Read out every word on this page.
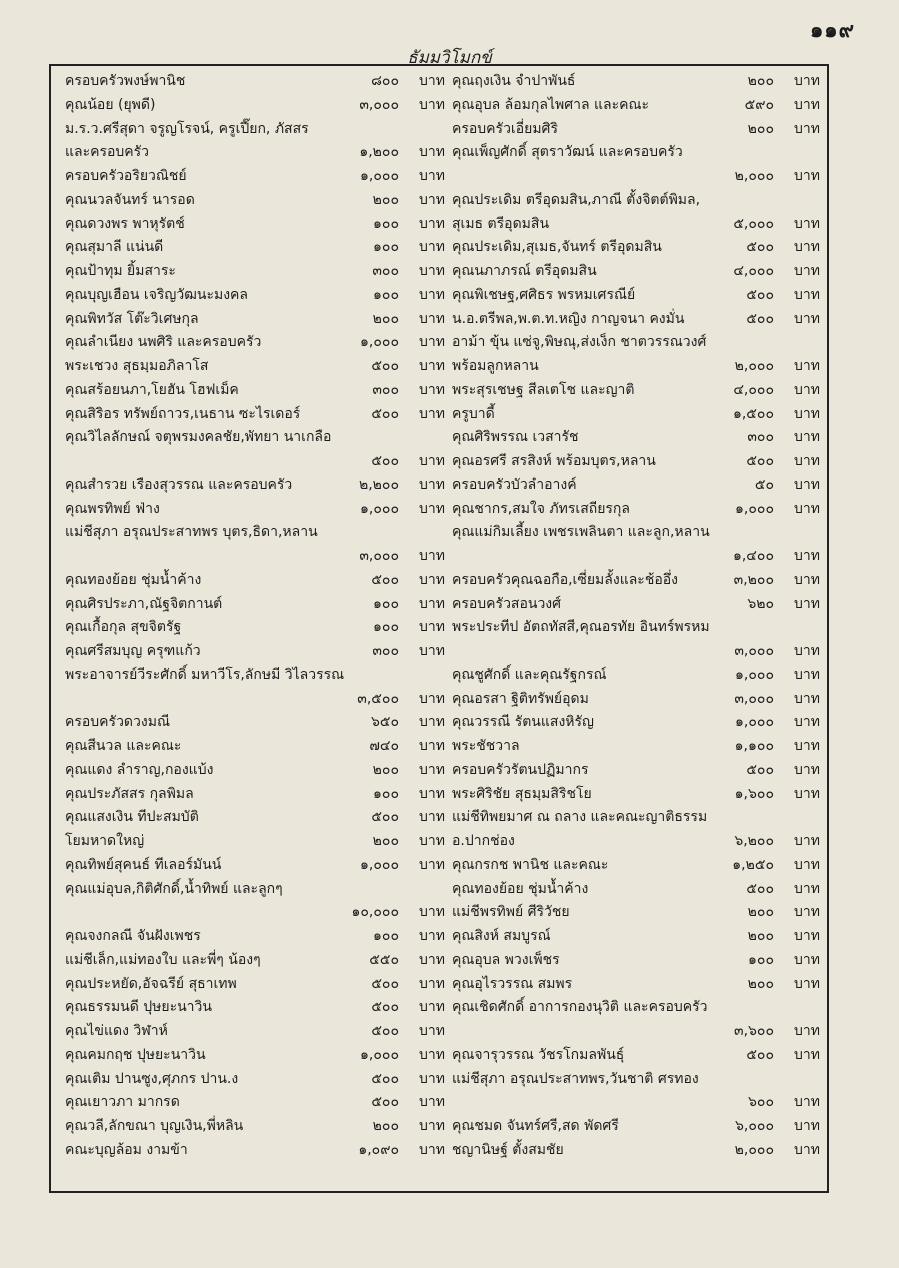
๑๑๙
ธัมมวิโมกข์
ครอบครัวพงษ์พานิช	๘๐๐ บาท
คุณน้อย (ยุพดี)	๓,๐๐๐ บาท
ม.ร.ว.ศรีสุดา จรูญโรจน์, ครูเปี๊ยก, ภัสสร
และครอบครัว	๑,๒๐๐ บาท
ครอบครัวอริยวณิชย์	๑,๐๐๐ บาท
คุณนวลจันทร์ นารอด	๒๐๐ บาท
คุณดวงพร พาหุรัตช์	๑๐๐ บาท
คุณสุมาลี แน่นดี	๑๐๐ บาท
คุณป้าทุม ยิ้มสาระ	๓๐๐ บาท
คุณบุญเฮือน เจริญวัฒนะมงคล	๑๐๐ บาท
คุณพิทวัส โต๊ะวิเศษกุล	๒๐๐ บาท
คุณลำเนียง นพศิริ และครอบครัว	๑,๐๐๐ บาท
พระเชวง สุธมฺมอภิลาโส	๕๐๐ บาท
คุณสร้อยนภา,โยฮัน โฮฟเม็ค	๓๐๐ บาท
คุณสิริอร ทรัพย์ถาวร,เนธาน ซะไรเดอร์	๕๐๐ บาท
คุณวิไลลักษณ์ จตุพรมงคลชัย,พัทยา นาเกลือ
๕๐๐ บาท
คุณสำรวย เรืองสุวรรณ และครอบครัว	๒,๒๐๐ บาท
คุณพรทิพย์ ฟ่าง	๑,๐๐๐ บาท
แม่ชีสุภา อรุณประสาทพร บุตร,ธิดา,หลาน
๓,๐๐๐ บาท
คุณทองย้อย ชุ่มน้ำค้าง	๕๐๐ บาท
คุณศิรประภา,ณัฐจิตกานต์	๑๐๐ บาท
คุณเกื้อกุล สุขจิตรัฐ	๑๐๐ บาท
คุณศรีสมบุญ ครุฑแก้ว	๓๐๐ บาท
พระอาจารย์วีระศักดิ์ มหาวีโร,ลักษมี วิไลวรรณ
๓,๕๐๐ บาท
ครอบครัวดวงมณี	๖๕๐ บาท
คุณสีนวล และคณะ	๗๔๐ บาท
คุณแดง ลำราญ,กองแบ้ง	๒๐๐ บาท
คุณประภัสสร กุลพิมล	๑๐๐ บาท
คุณแสงเงิน ทีปะสมบัติ	๕๐๐ บาท
โยมหาดใหญ่	๒๐๐ บาท
คุณทิพย์สุคนธ์ ทีเลอร์มันน์	๑,๐๐๐ บาท
คุณแม่อุบล,กิติศักดิ์,น้ำทิพย์ และลูกๆ
๑๐,๐๐๐ บาท
คุณจงกลณี จันฝังเพชร	๑๐๐ บาท
แม่ชีเล็ก,แม่ทองใบ และพี่ๆ น้องๆ	๕๕๐ บาท
คุณประหยัด,อัจฉรีย์ สุธาเทพ	๕๐๐ บาท
คุณธรรมนดี ปุษยะนาวิน	๕๐๐ บาท
คุณไข่แดง วิฬาห์	๕๐๐ บาท
คุณคมกฤช ปุษยะนาวิน	๑,๐๐๐ บาท
คุณเติม ปานซูง,ศุภกร ปาน.ง	๕๐๐ บาท
คุณเยาวภา มากรด	๕๐๐ บาท
คุณวลี,ลักขณา บุญเงิน,พี่หลิน	๒๐๐ บาท
คณะบุญล้อม งามข้า	๑,๐๙๐ บาท
คุณฤงเงิน จำปาพันธ์	๒๐๐ บาท
คุณอุบล ล้อมกุลไพศาล และคณะ	๕๙๐ บาท
ครอบครัวเอี่ยมศิริ	๒๐๐ บาท
คุณเพ็ญศักดิ์ สุตราวัฒน์ และครอบครัว
๒,๐๐๐ บาท
คุณประเดิม ตรีอุดมสิน,ภาณี ตั้งจิตต์พิมล,
สุเมธ ตรีอุดมสิน	๕,๐๐๐ บาท
คุณประเดิม,สุเมธ,จันทร์ ตรีอุดมสิน	๕๐๐ บาท
คุณนภาภรณ์ ตรีอุดมสิน	๔,๐๐๐ บาท
คุณพิเชษฐ,ศศิธร พรหมเศรณีย์	๕๐๐ บาท
น.อ.ตรีพล,พ.ต.ท.หญิง กาญจนา คงมั่น	๕๐๐ บาท
อาม้า ขุ้น แซ่จู,พิษณุ,ส่งเง็ก ชาตวรรณวงศ์
พร้อมลูกหลาน	๒,๐๐๐ บาท
พระสุรเชษฐ สีลเตโช และญาติ	๔,๐๐๐ บาท
ครูบาดี้	๑,๕๐๐ บาท
คุณศิริพรรณ เวสารัช	๓๐๐ บาท
คุณอรศรี สรสิงห์ พร้อมบุตร,หลาน	๕๐๐ บาท
ครอบครัวบัวลำอางค์	๕๐ บาท
คุณชากร,สมใจ ภัทรเสถียรกุล	๑,๐๐๐ บาท
คุณแม่กิมเลี้ยง เพชรเพลินตา และลูก,หลาน
๑,๔๐๐ บาท
ครอบครัวคุณฉอกือ,เซี่ยมลั้งและช้ออึ่ง	๓,๒๐๐ บาท
ครอบครัวสอนวงศ์	๖๒๐ บาท
พระประทีป อัตถทัสสี,คุณอรทัย อินทร์พรหม
๓,๐๐๐ บาท
คุณชูศักดิ์ และคุณรัฐกรณ์	๑,๐๐๐ บาท
คุณอรสา ฐิติทรัพย์อุดม	๓,๐๐๐ บาท
คุณวรรณี รัตนแสงหิรัญ	๑,๐๐๐ บาท
พระชัชวาล	๑,๑๐๐ บาท
ครอบครัวรัตนปฏิมากร	๕๐๐ บาท
พระศิริชัย สุธมฺมสิริชโย	๑,๖๐๐ บาท
แม่ชีทิพยมาศ ณ ถลาง และคณะญาติธรรม
อ.ปากช่อง	๖,๒๐๐ บาท
คุณกรกช พานิช และคณะ	๑,๒๕๐ บาท
คุณทองย้อย ชุ่มน้ำค้าง	๕๐๐ บาท
แม่ชีพรทิพย์ ศีริวัชย	๒๐๐ บาท
คุณสิงห์ สมบูรณ์	๒๐๐ บาท
คุณอุบล พวงเพ็ชร	๑๐๐ บาท
คุณอุไรวรรณ สมพร	๒๐๐ บาท
คุณเชิดศักดิ์ อาการกองนุวิติ และครอบครัว
๓,๖๐๐ บาท
คุณจารุวรรณ วัชรโกมลพันธุ์	๕๐๐ บาท
แม่ชีสุภา อรุณประสาทพร,วันชาติ ศรทอง
๖๐๐ บาท
คุณชมด จันทร์ศรี,สด พัดศรี	๖,๐๐๐ บาท
ชญานิษฐ์ ตั้งสมชัย	๒,๐๐๐ บาท
